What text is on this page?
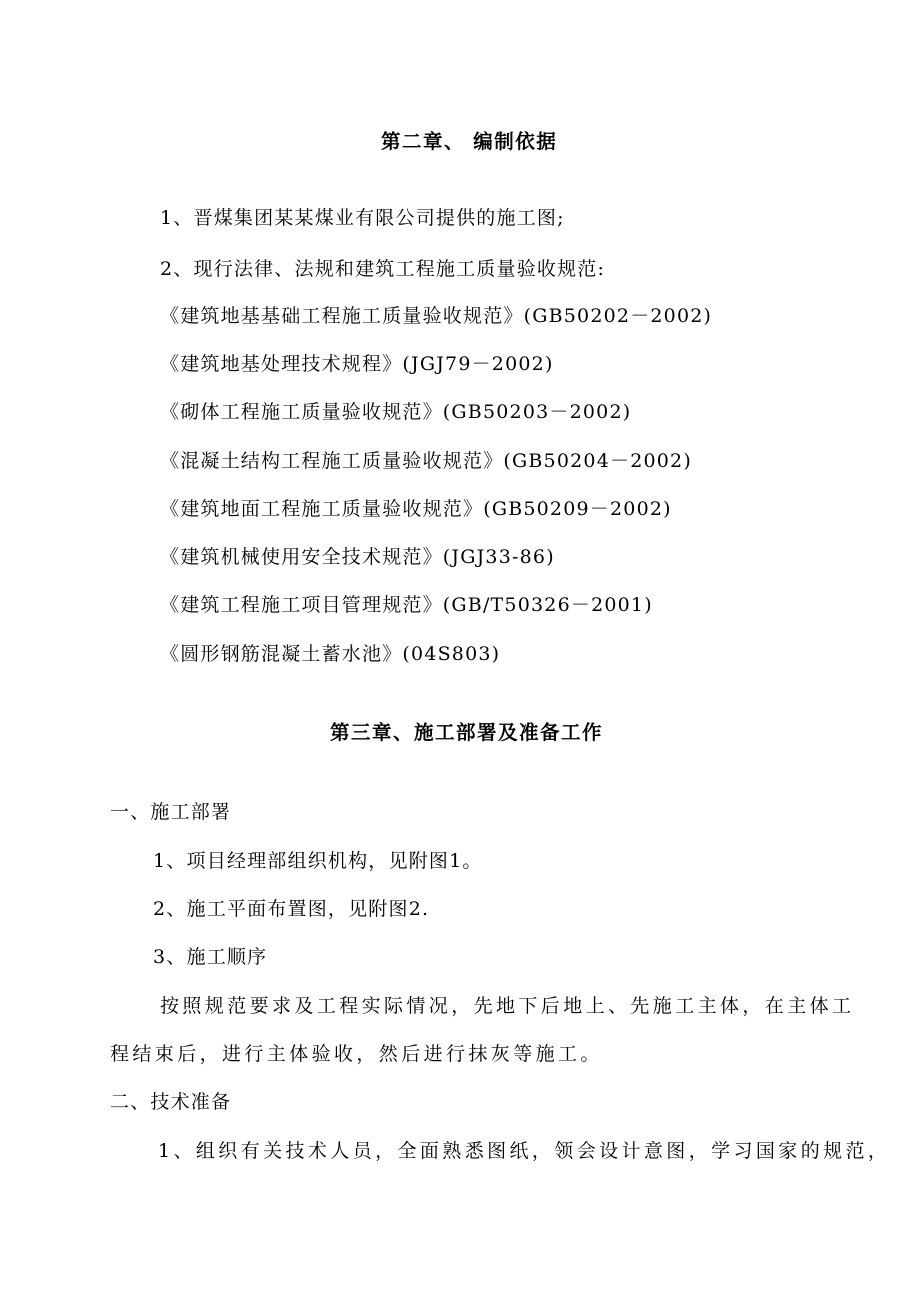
第二章、 编制依据
1、晋煤集团某某煤业有限公司提供的施工图;
2、现行法律、法规和建筑工程施工质量验收规范:
《建筑地基基础工程施工质量验收规范》(GB50202－2002)
《建筑地基处理技术规程》(JGJ79－2002)
《砌体工程施工质量验收规范》(GB50203－2002)
《混凝土结构工程施工质量验收规范》(GB50204－2002)
《建筑地面工程施工质量验收规范》(GB50209－2002)
《建筑机械使用安全技术规范》(JGJ33-86)
《建筑工程施工项目管理规范》(GB/T50326－2001)
《圆形钢筋混凝土蓄水池》(04S803)
第三章、施工部署及准备工作
一、施工部署
1、项目经理部组织机构，见附图1。
2、施工平面布置图，见附图2.
3、施工顺序
按照规范要求及工程实际情况，先地下后地上、先施工主体，在主体工
程结束后，进行主体验收，然后进行抹灰等施工。
二、技术准备
1、组织有关技术人员，全面熟悉图纸，领会设计意图，学习国家的规范，
